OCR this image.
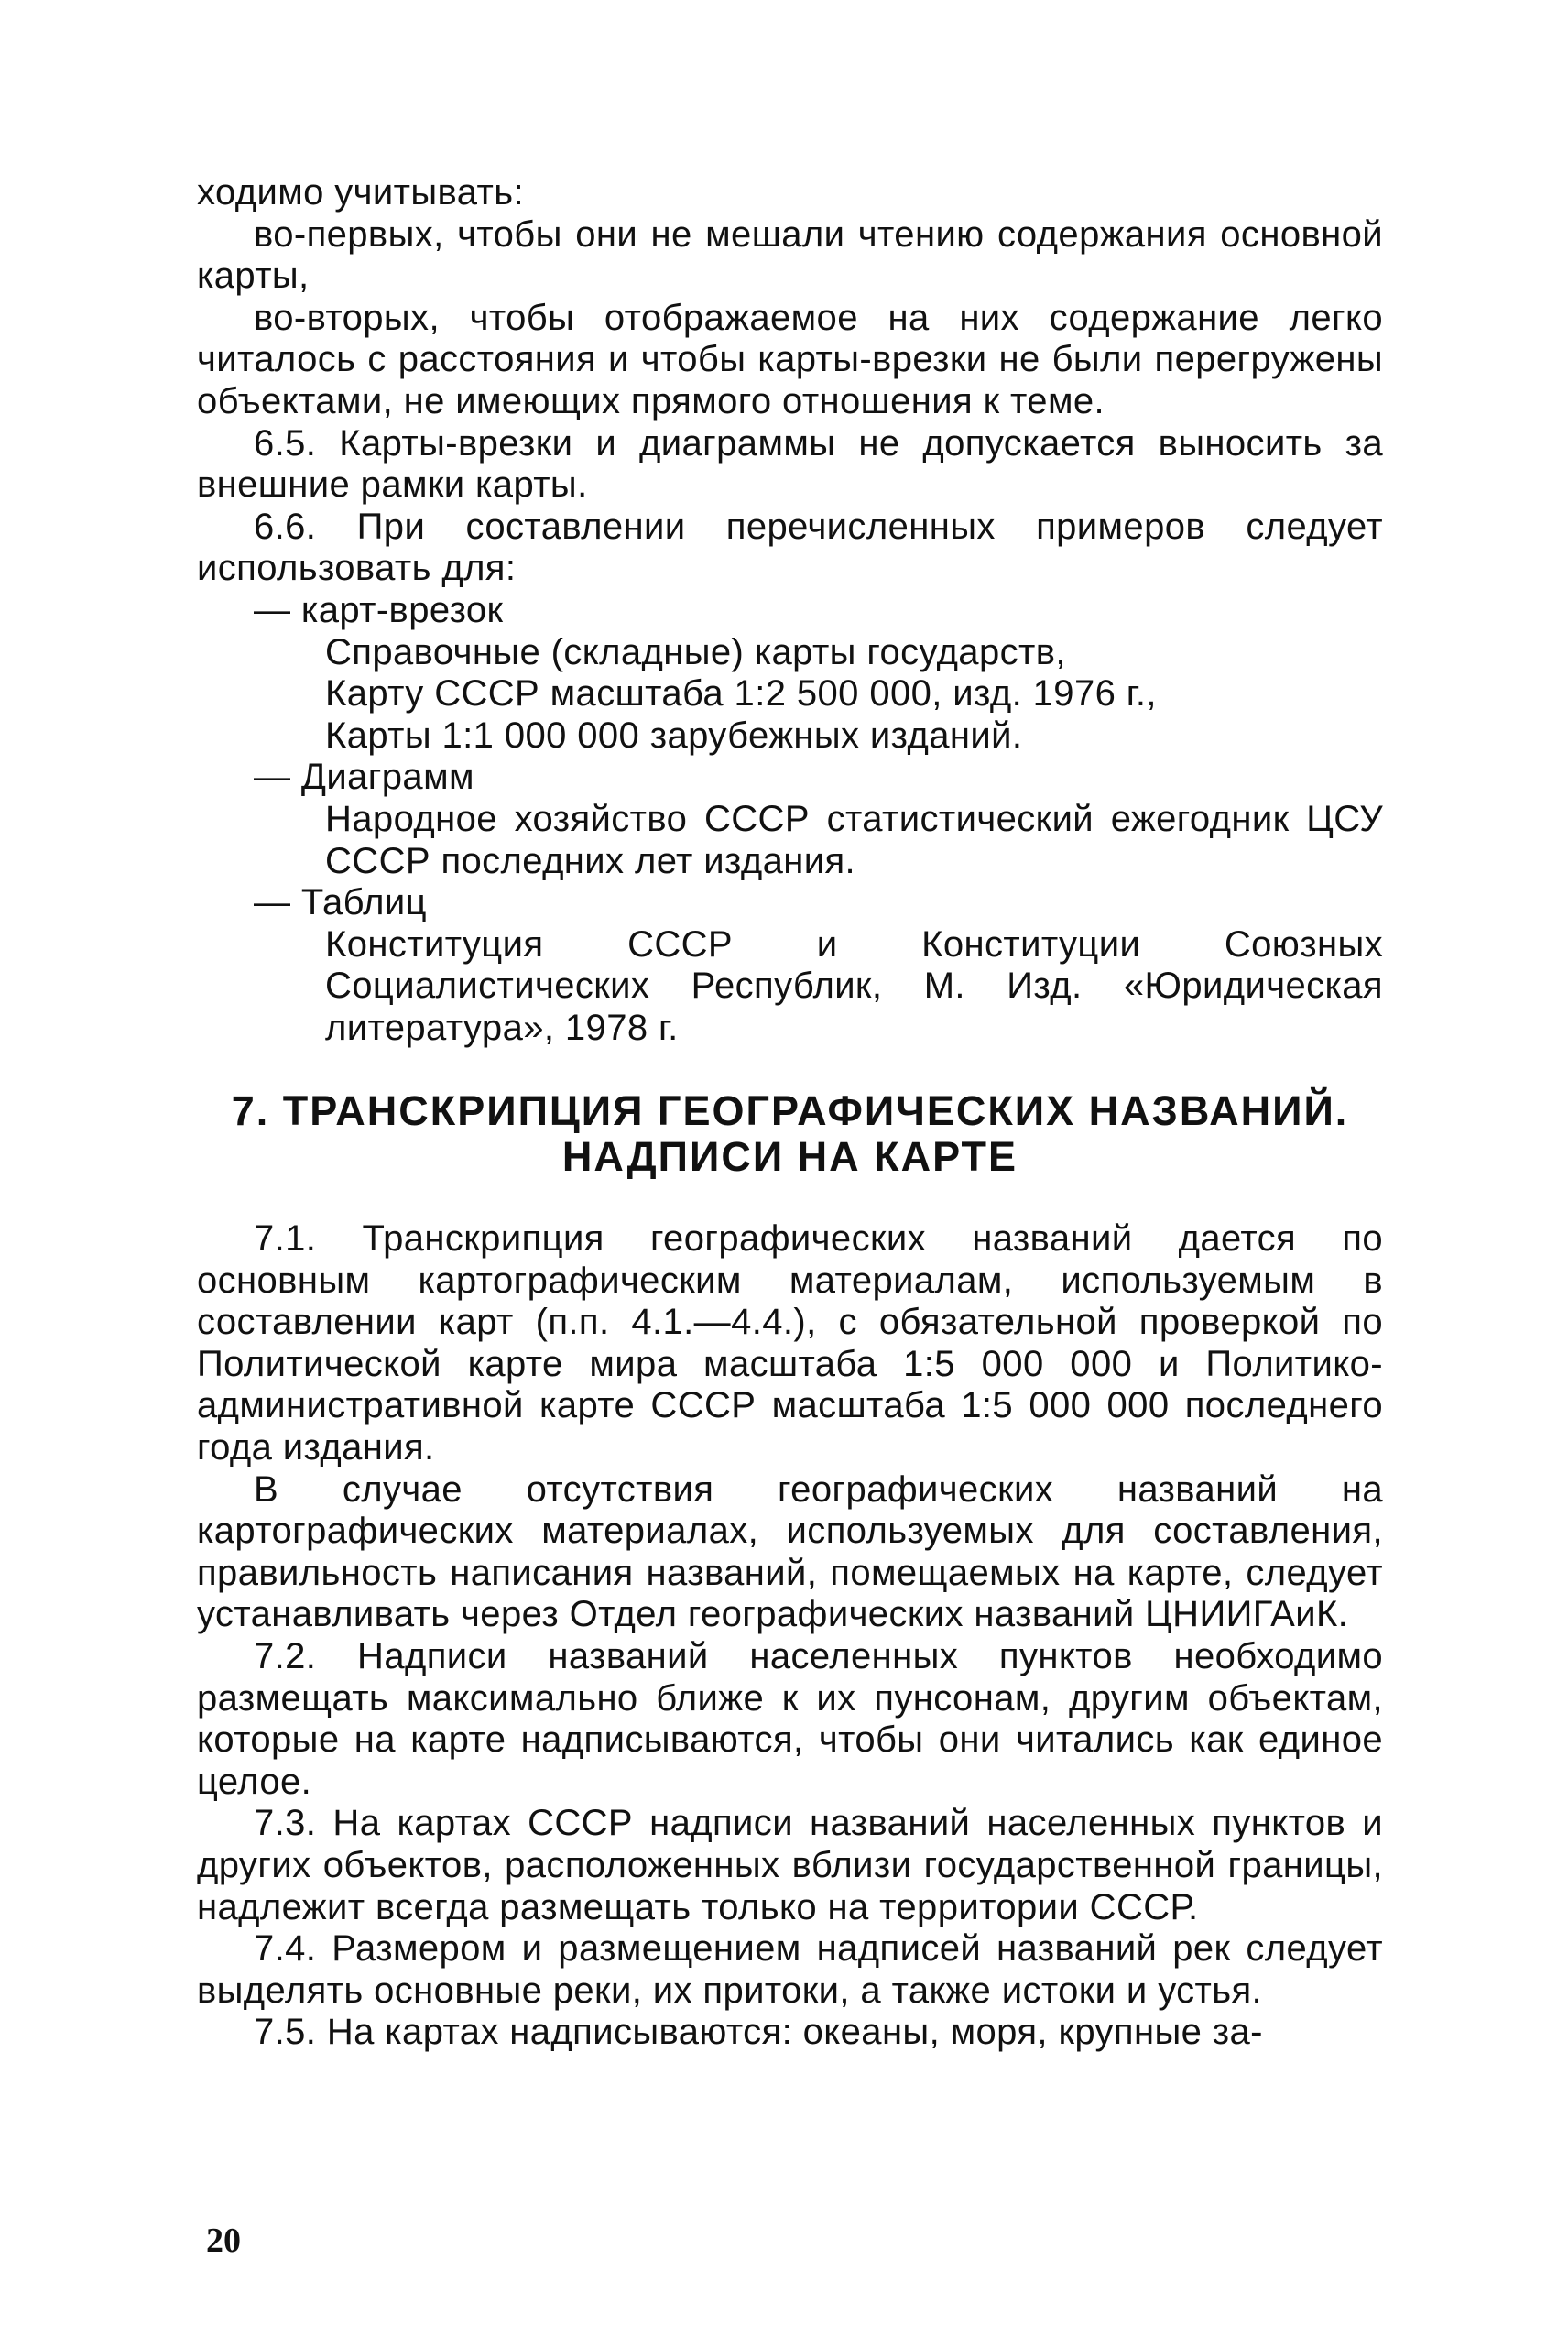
ходимо учитывать:

во-первых, чтобы они не мешали чтению содержания основной карты,

во-вторых, чтобы отображаемое на них содержание легко читалось с расстояния и чтобы карты-врезки не были перегружены объектами, не имеющих прямого отношения к теме.

6.5. Карты-врезки и диаграммы не допускается выносить за внешние рамки карты.

6.6. При составлении перечисленных примеров следует использовать для:

— карт-врезок

Справочные (складные) карты государств,

Карту СССР масштаба 1:2 500 000, изд. 1976 г.,

Карты 1:1 000 000 зарубежных изданий.

— Диаграмм

Народное хозяйство СССР статистический ежегодник ЦСУ СССР последних лет издания.

— Таблиц

Конституция СССР и Конституции Союзных Социалистических Республик, М. Изд. «Юридическая литература», 1978 г.

7. ТРАНСКРИПЦИЯ ГЕОГРАФИЧЕСКИХ НАЗВАНИЙ.
НАДПИСИ НА КАРТЕ

7.1. Транскрипция географических названий дается по основным картографическим материалам, используемым в составлении карт (п.п. 4.1.—4.4.), с обязательной проверкой по Политической карте мира масштаба 1:5 000 000 и Политико-административной карте СССР масштаба 1:5 000 000 последнего года издания.

В случае отсутствия географических названий на картографических материалах, используемых для составления, правильность написания названий, помещаемых на карте, следует устанавливать через Отдел географических названий ЦНИИГАиК.

7.2. Надписи названий населенных пунктов необходимо размещать максимально ближе к их пунсонам, другим объектам, которые на карте надписываются, чтобы они читались как единое целое.

7.3. На картах СССР надписи названий населенных пунктов и других объектов, расположенных вблизи государственной границы, надлежит всегда размещать только на территории СССР.

7.4. Размером и размещением надписей названий рек следует выделять основные реки, их притоки, а также истоки и устья.

7.5. На картах надписываются: океаны, моря, крупные за-

20
